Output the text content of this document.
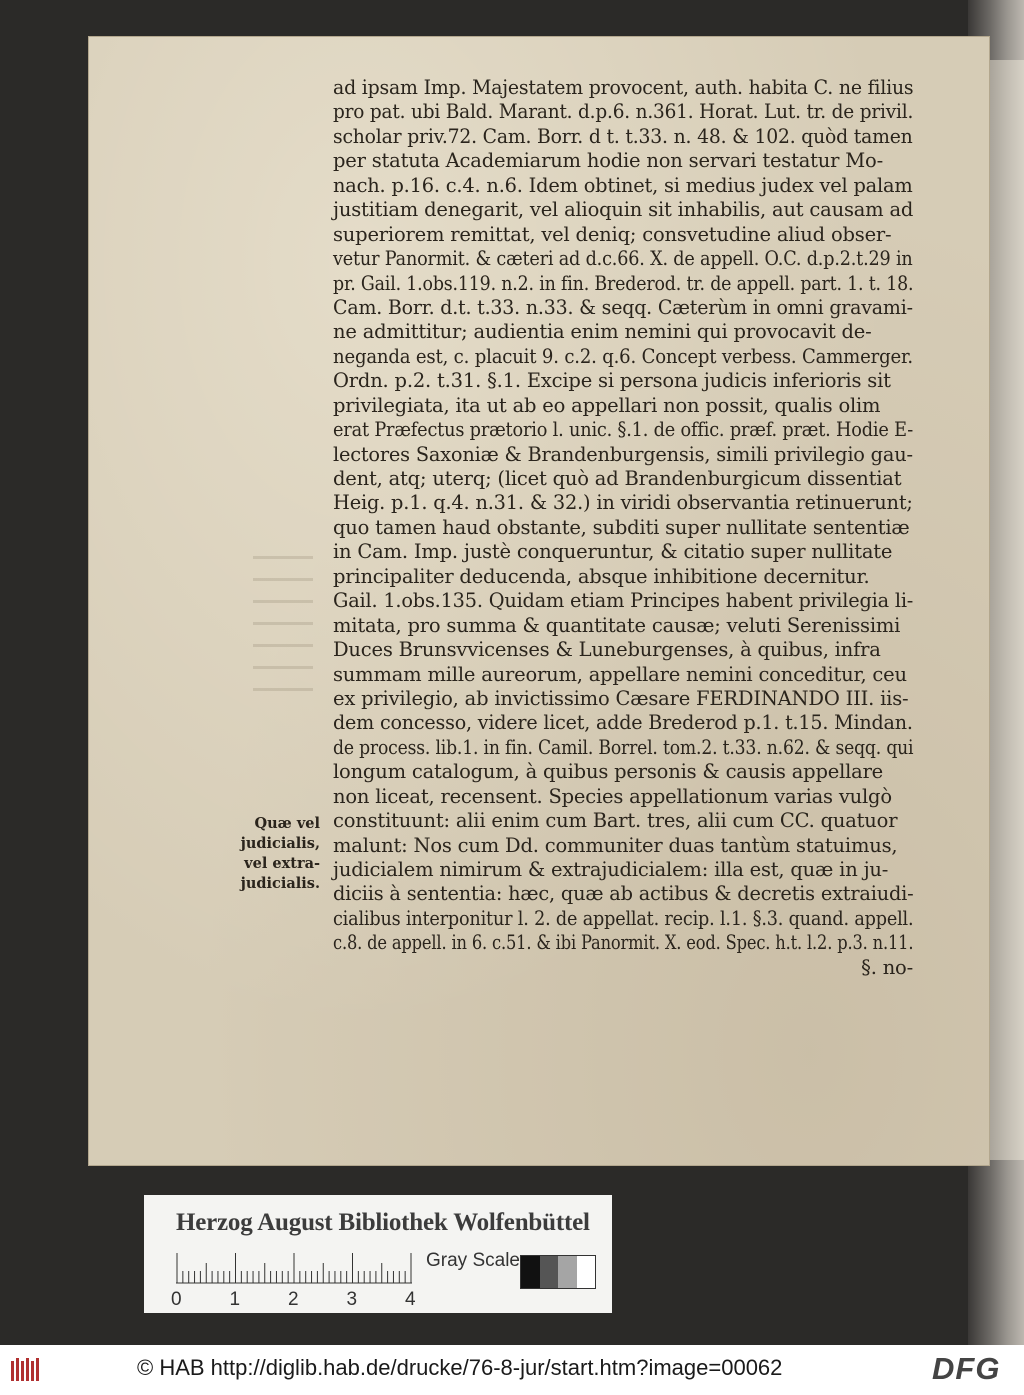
ad ipsam Imp. Majestatem provocent, auth. habita C. ne filius
pro pat. ubi Bald. Marant. d.p.6. n.361. Horat. Lut. tr. de privil.
scholar priv.72. Cam. Borr. d t. t.33. n. 48. & 102. quòd tamen
per statuta Academiarum hodie non servari testatur Mo-
nach. p.16. c.4. n.6. Idem obtinet, si medius judex vel palam
justitiam denegarit, vel alioquin sit inhabilis, aut causam ad
superiorem remittat, vel deniq; consvetudine aliud obser-
vetur Panormit. & cæteri ad d.c.66. X. de appell. O.C. d.p.2.t.29 in
pr. Gail. 1.obs.119. n.2. in fin. Brederod. tr. de appell. part. 1. t. 18.
Cam. Borr. d.t. t.33. n.33. & seqq. Cæterùm in omni gravami-
ne admittitur; audientia enim nemini qui provocavit de-
neganda est, c. placuit 9. c.2. q.6. Concept verbess. Cammerger.
Ordn. p.2. t.31. §.1. Excipe si persona judicis inferioris sit
privilegiata, ita ut ab eo appellari non possit, qualis olim
erat Præfectus prætorio l. unic. §.1. de offic. præf. præt. Hodie E-
lectores Saxoniæ & Brandenburgensis, simili privilegio gau-
dent, atq; uterq; (licet quò ad Brandenburgicum dissentiat
Heig. p.1. q.4. n.31. & 32.) in viridi observantia retinuerunt;
quo tamen haud obstante, subditi super nullitate sententiæ
in Cam. Imp. justè conqueruntur, & citatio super nullitate
principaliter deducenda, absque inhibitione decernitur.
Gail. 1.obs.135. Quidam etiam Principes habent privilegia li-
mitata, pro summa & quantitate causæ; veluti Serenissimi
Duces Brunsvvicenses & Luneburgenses, à quibus, infra
summam mille aureorum, appellare nemini conceditur, ceu
ex privilegio, ab invictissimo Cæsare FERDINANDO III. iis-
dem concesso, videre licet, adde Brederod p.1. t.15. Mindan.
de process. lib.1. in fin. Camil. Borrel. tom.2. t.33. n.62. & seqq. qui
longum catalogum, à quibus personis & causis appellare
non liceat, recensent. Species appellationum varias vulgò
constituunt: alii enim cum Bart. tres, alii cum CC. quatuor
malunt: Nos cum Dd. communiter duas tantùm statuimus,
judicialem nimirum & extrajudicialem: illa est, quæ in ju-
diciis à sententia: hæc, quæ ab actibus & decretis extraiudi-
cialibus interponitur l. 2. de appellat. recip. l.1. §.3. quand. appell.
c.8. de appell. in 6. c.51. & ibi Panormit. X. eod. Spec. h.t. l.2. p.3. n.11.
§. no-
Quæ vel
judicialis,
vel extra-
judicialis.
Herzog August Bibliothek Wolfenbüttel
0	1	2	3	4
Gray Scale
© HAB http://diglib.hab.de/drucke/76-8-jur/start.htm?image=00062	DFG
